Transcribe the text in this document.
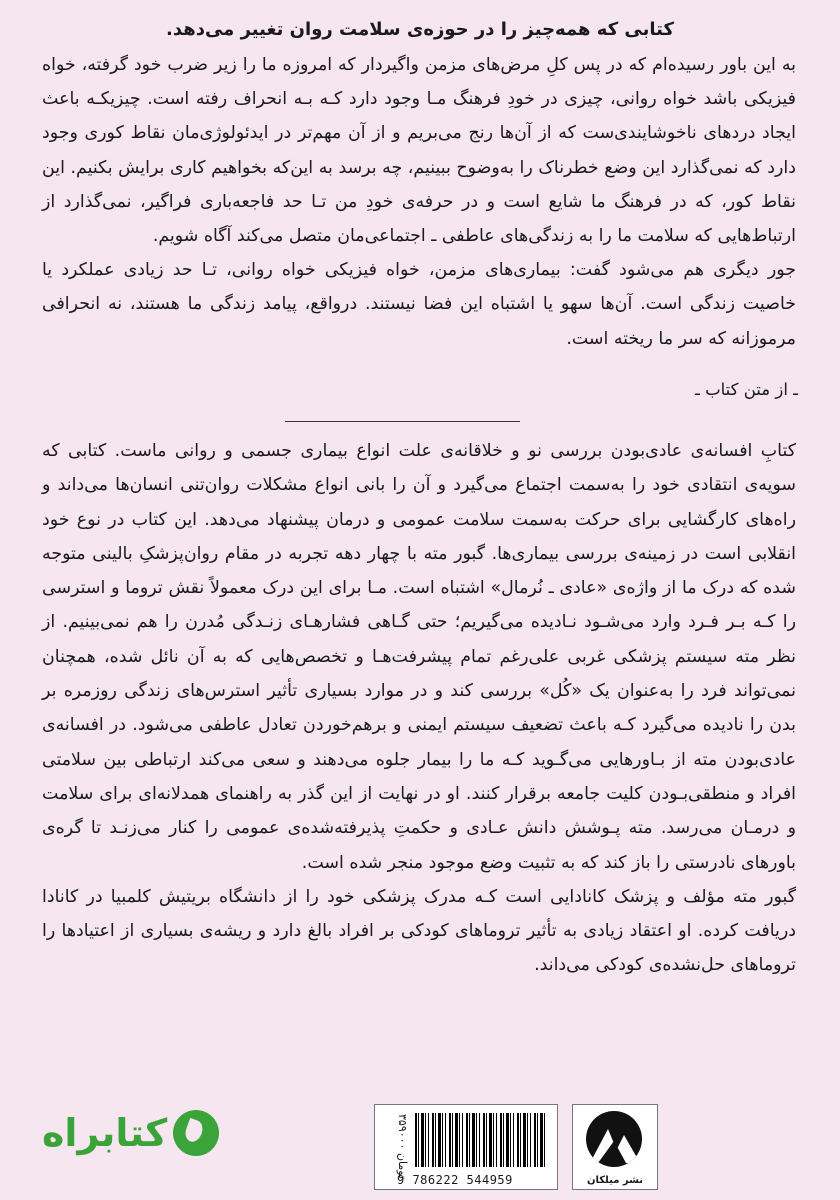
کتابی که همه‌چیز را در حوزه‌ی سلامت روان تغییر می‌دهد.

به این باور رسیده‌ام که در پس کلِ مرض‌های مزمن واگیردار که امروزه ما را زیر ضرب خود گرفته، خواه فیزیکی باشد خواه روانی، چیزی در خودِ فرهنگ مـا وجود دارد کـه بـه انحراف رفته است. چیزیکـه باعث ایجاد دردهای ناخوشایندی‌ست که از آن‌ها رنج می‌بریم و از آن مهم‌تر در ایدئولوژی‌مان نقاط کوری وجود دارد که نمی‌گذارد این وضع خطرناک را به‌وضوح ببینیم، چه برسد به این‌که بخواهیم کاری برایش بکنیم. این نقاط کور، که در فرهنگ ما شایع است و در حرفه‌ی خودِ من تـا حد فاجعه‌باری فراگیر، نمی‌گذارد از ارتباط‌هایی که سلامت ما را به زندگی‌های عاطفی ـ اجتماعی‌مان متصل می‌کند آگاه شویم.

جور دیگری هم می‌شود گفت: بیماری‌های مزمن، خواه فیزیکی خواه روانی، تـا حد زیادی عملکرد یا خاصیت زندگی است. آن‌ها سهو یا اشتباه این فضا نیستند. درواقع، پیامد زندگی ما هستند، نه انحرافی مرموزانه که سر ما ریخته است.

ـ از متن کتاب ـ

کتابِ افسانه‌ی عادی‌بودن بررسی نو و خلاقانه‌ی علت انواع بیماری جسمی و روانی ماست. کتابی که سویه‌ی انتقادی خود را به‌سمت اجتماع می‌گیرد و آن را بانی انواع مشکلات روان‌تنی انسان‌ها می‌داند و راه‌های کارگشایی برای حرکت به‌سمت سلامت عمومی و درمان پیشنهاد می‌دهد. این کتاب در نوع خود انقلابی است در زمینه‌ی بررسی بیماری‌ها. گبور مته با چهار دهه تجربه در مقام روان‌پزشکِ بالینی متوجه شده که درک ما از واژه‌ی «عادی ـ نُرمال» اشتباه است. مـا برای این درک معمولاً نقش تروما و استرسی را کـه بـر فـرد وارد می‌شـود نـادیده می‌گیریم؛ حتی گـاهی فشارهـای زنـدگی مُدرن را هم نمی‌بینیم. از نظر مته سیستم پزشکی غربی علی‌رغم تمام پیشرفت‌هـا و تخصص‌هایی که به آن نائل شده، همچنان نمی‌تواند فرد را به‌عنوان یک «کُل» بررسی کند و در موارد بسیاری تأثیر استرس‌های زندگی روزمره بر بدن را نادیده می‌گیرد کـه باعث تضعیف سیستم ایمنی و برهم‌خوردن تعادل عاطفی می‌شود. در افسانه‌ی عادی‌بودن مته از بـاورهایی می‌گـوید کـه ما را بیمار جلوه می‌دهند و سعی می‌کند ارتباطی بین سلامتی افراد و منطقی‌بـودن کلیت جامعه برقرار کنند. او در نهایت از این گذر به راهنمای همدلانه‌ای برای سلامت و درمـان می‌رسد. مته پـوشش دانش عـادی و حکمتِ پذیرفته‌شده‌ی عمومی را کنار می‌زنـد تا گره‌ی باورهای نادرستی را باز کند که به تثبیت وضع موجود منجر شده است.

گبور مته مؤلف و پزشک کانادایی است کـه مدرک پزشکی خود را از دانشگاه بریتیش کلمبیا در کانادا دریافت کرده. او اعتقاد زیادی به تأثیر تروماهای کودکی بر افراد بالغ دارد و ریشه‌ی بسیاری از اعتیادها را تروماهای حل‌نشده‌ی کودکی می‌داند.

کتابراه	۳۵۹۰۰۰ تومان
9 786222 544959	نشر میلکان
